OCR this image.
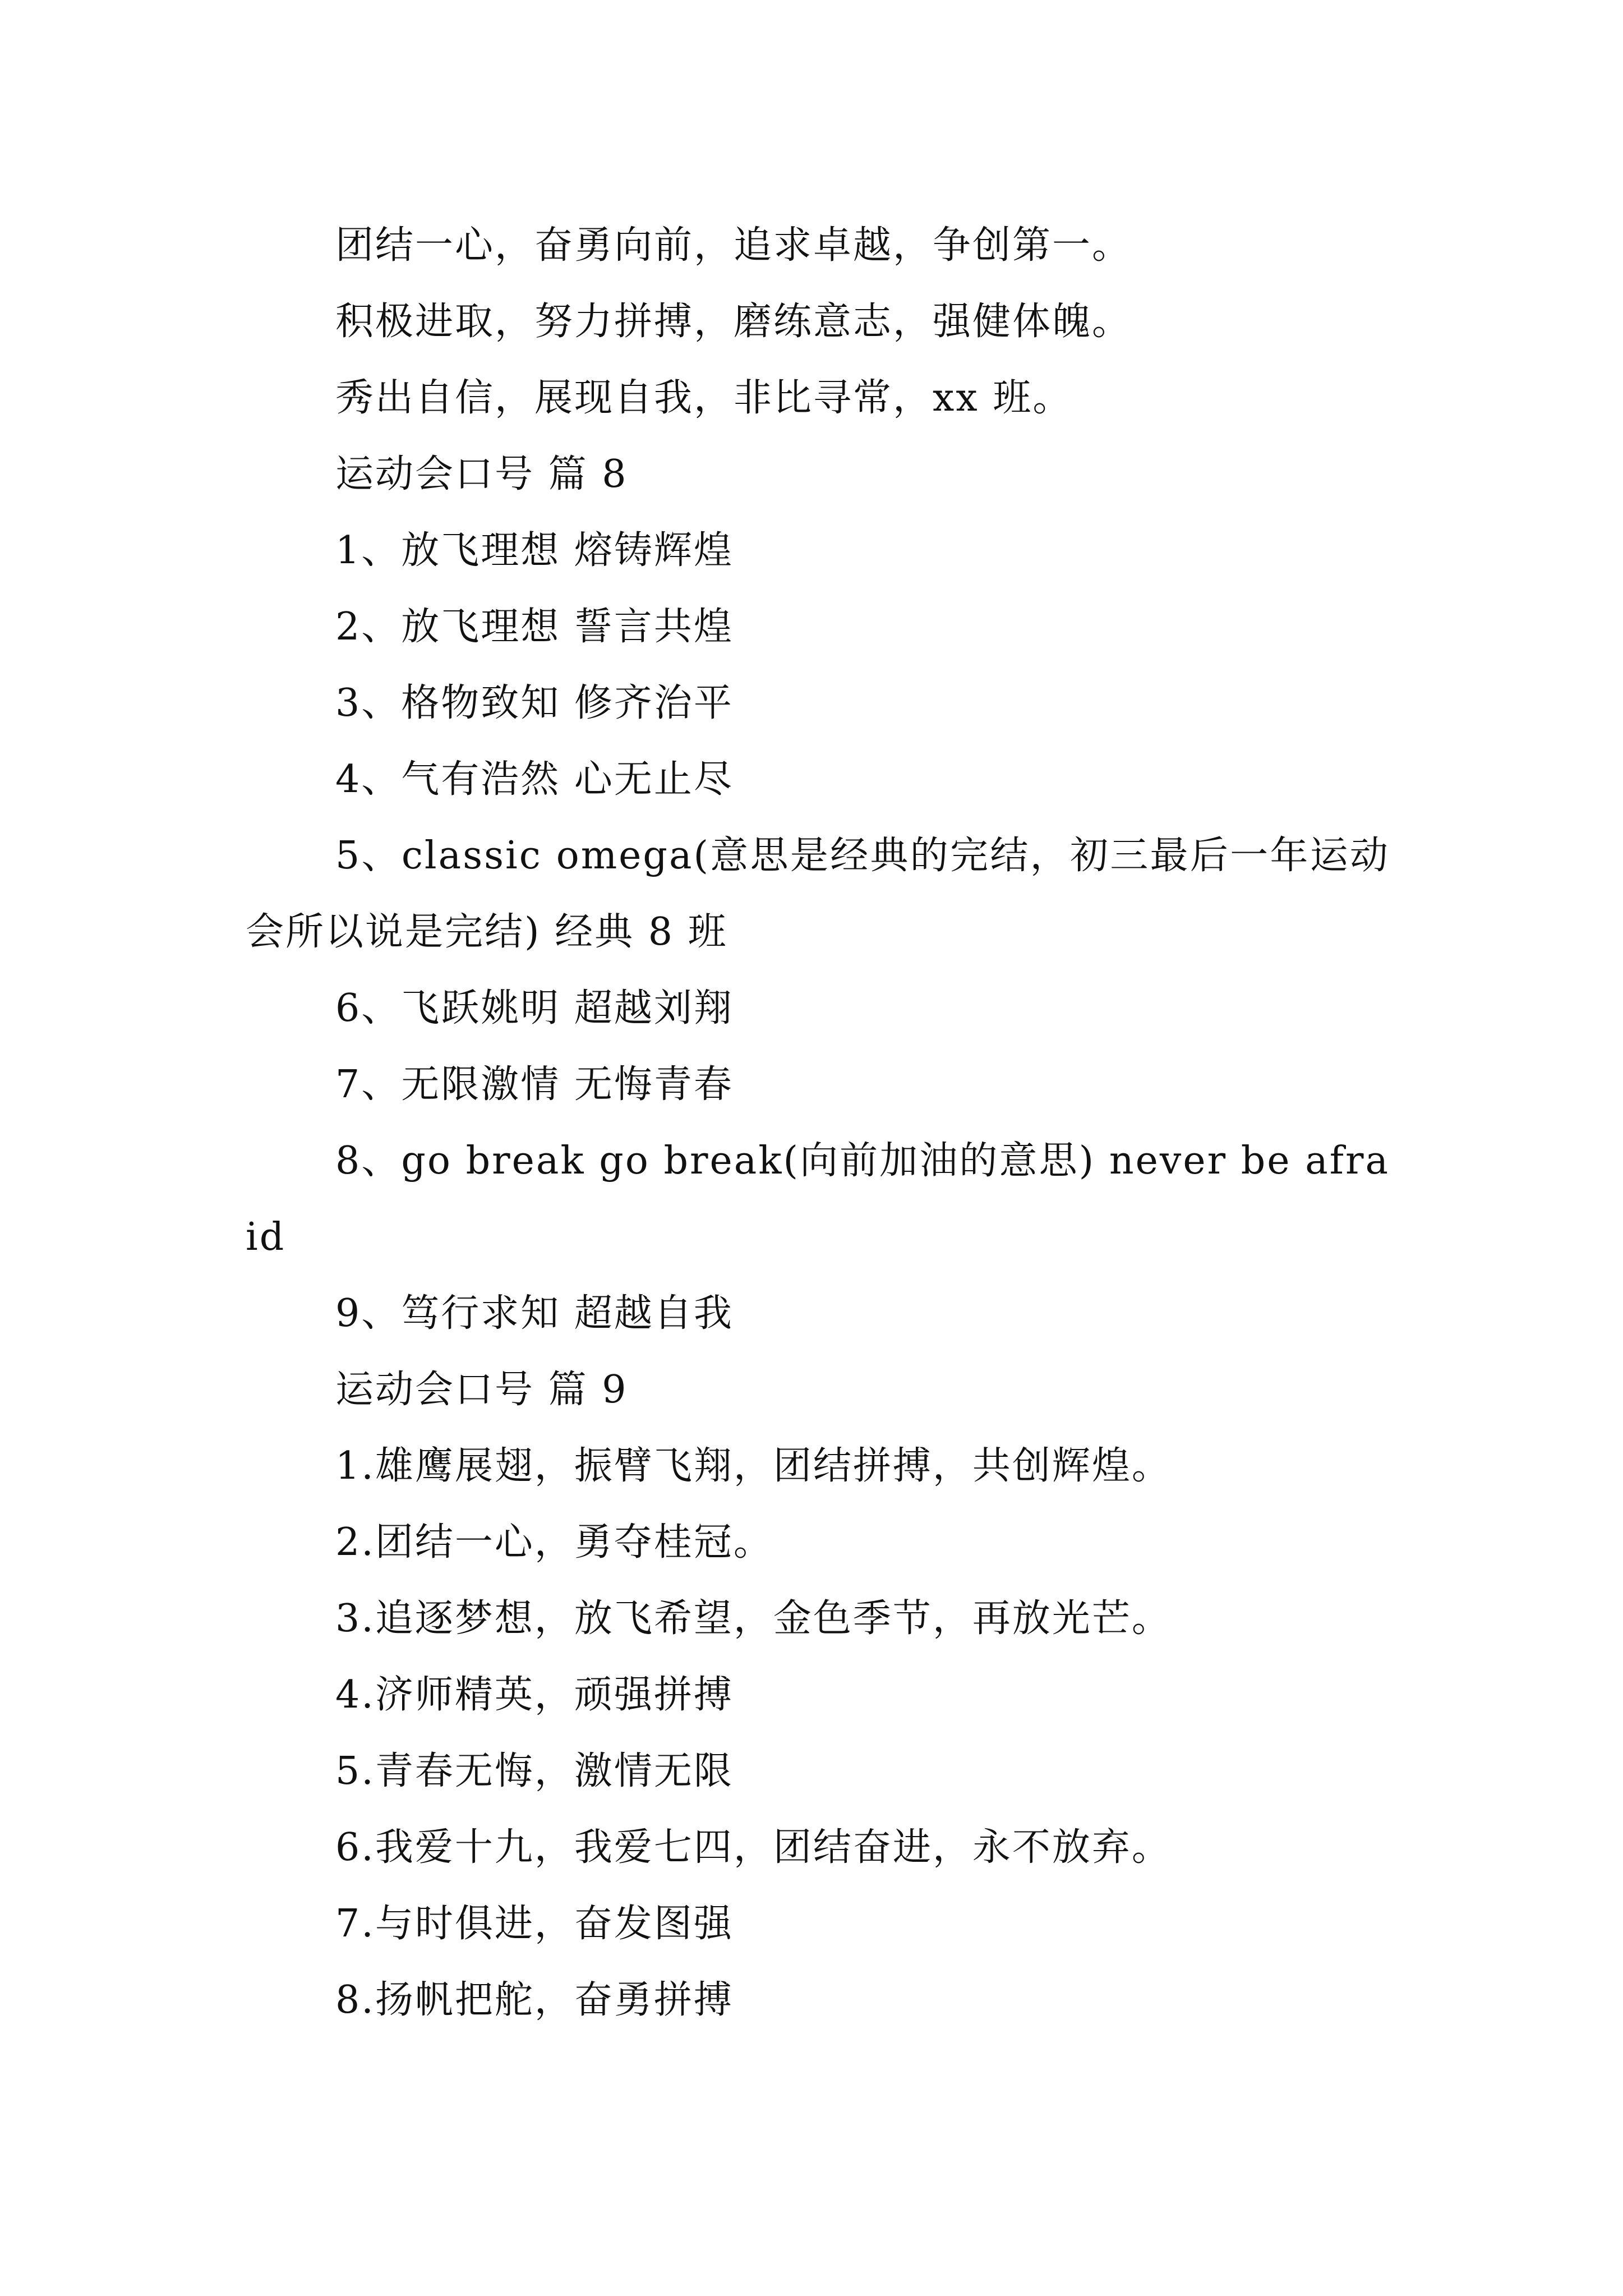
团结一心，奋勇向前，追求卓越，争创第一。
积极进取，努力拼搏，磨练意志，强健体魄。
秀出自信，展现自我，非比寻常，xx 班。
运动会口号 篇 8
1、放飞理想 熔铸辉煌
2、放飞理想 誓言共煌
3、格物致知 修齐治平
4、气有浩然 心无止尽
5、classic omega(意思是经典的完结，初三最后一年运动会所以说是完结) 经典 8 班
6、飞跃姚明 超越刘翔
7、无限激情 无悔青春
8、go break go break(向前加油的意思) never be afraid
9、笃行求知 超越自我
运动会口号 篇 9
1.雄鹰展翅，振臂飞翔，团结拼搏，共创辉煌。
2.团结一心，勇夺桂冠。
3.追逐梦想，放飞希望，金色季节，再放光芒。
4.济师精英，顽强拼搏
5.青春无悔，激情无限
6.我爱十九，我爱七四，团结奋进，永不放弃。
7.与时俱进，奋发图强
8.扬帆把舵，奋勇拼搏
